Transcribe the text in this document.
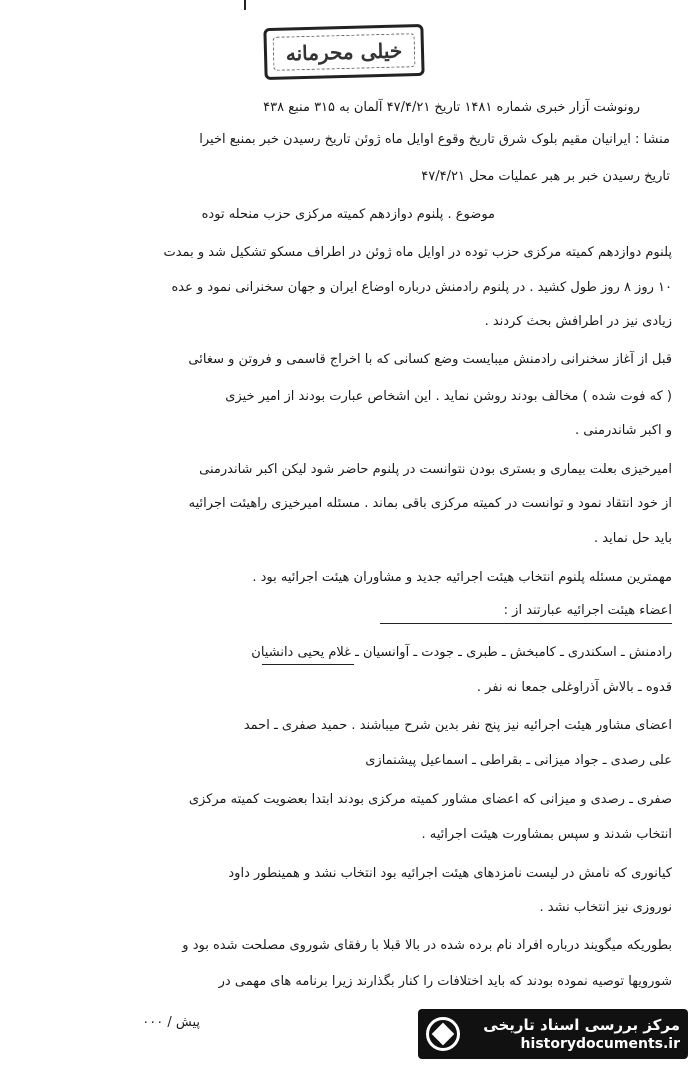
خیلی محرمانه
رونوشت آزار خبری شماره ۱۴۸۱ تاریخ ۴۷/۴/۲۱ آلمان به ۳۱۵ منبع ۴۳۸
منشا : ایرانیان مقیم بلوک شرق تاریخ وقوع اوایل ماه ژوئن تاریخ رسیدن خبر بمنبع اخیرا
تاریخ رسیدن خبر بر هبر عملیات محل ۴۷/۴/۲۱
موضوع . پلنوم دوازدهم کمیته مرکزی حزب منحله توده
پلنوم دوازدهم کمیته مرکزی حزب توده در اوایل ماه ژوئن در اطراف مسکو تشکیل شد و بمدت
۱۰ روز ۸ روز طول کشید . در پلنوم رادمنش درباره اوضاع ایران و جهان سخنرانی نمود و عده
زیادی نیز در اطرافش بحث کردند .
قبل از آغاز سخنرانی رادمنش میبایست وضع کسانی که با اخراج قاسمی و فروتن و سغائی
( که فوت شده ) مخالف بودند روشن نماید . این اشخاص عبارت بودند از امیر خیزی
و اکبر شاندرمنی .
امیرخیزی بعلت بیماری و بستری بودن نتوانست در پلنوم حاضر شود لیکن اکبر شاندرمنی
از خود انتقاد نمود و توانست در کمیته مرکزی باقی بماند . مسئله امیرخیزی راهیئت اجرائیه
باید حل نماید .
مهمترین مسئله پلنوم انتخاب هیئت اجرائیه جدید و مشاوران هیئت اجرائیه بود .
اعضاء هیئت اجرائیه عبارتند از :
رادمنش ـ اسکندری ـ کامبخش ـ طبری ـ جودت ـ آوانسیان ـ غلام یحیی دانشیان
قدوه ـ بالاش آذراوغلی جمعا نه نفر .
اعضای مشاور هیئت اجرائیه نیز پنج نفر بدین شرح میباشند . حمید صفری ـ احمد
علی رصدی ـ جواد میزانی ـ بقراطی ـ اسماعیل پیشنمازی
صفری ـ رصدی و میزانی که اعضای مشاور کمیته مرکزی بودند ابتدا بعضویت کمیته مرکزی
انتخاب شدند و سپس بمشاورت هیئت اجرائیه .
کیانوری که نامش در لیست نامزدهای هیئت اجرائیه بود انتخاب نشد و همینطور داود
نوروزی نیز انتخاب نشد .
بطوریکه میگویند درباره افراد نام برده شده در بالا قبلا با رفقای شوروی مصلحت شده بود و
شورویها توصیه نموده بودند که باید اختلافات را کنار بگذارند زیرا برنامه های مهمی در
پیش / ۰۰۰	مرکز بررسی اسناد تاریخی
historydocuments.ir
